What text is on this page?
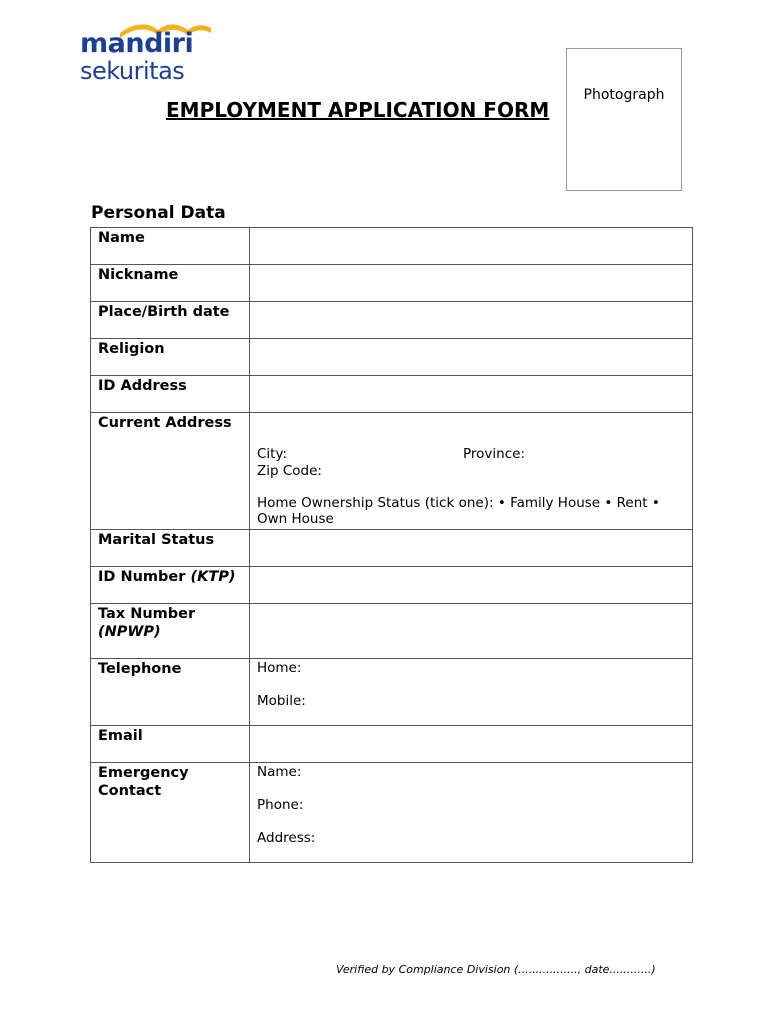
mandiri
sekuritas
EMPLOYMENT APPLICATION FORM
Photograph
Personal Data
Name	
Nickname	
Place/Birth date	
Religion	
ID Address	
Current Address	City: Province:
Zip Code:
Home Ownership Status (tick one): • Family House • Rent • Own House

Marital Status	
ID Number (KTP)	

Tax Number
(NPWP)	

Telephone	Home:
Mobile:

Email	
Emergency Contact	Name:
Phone:
Address:
Verified by Compliance Division (................., date............)
